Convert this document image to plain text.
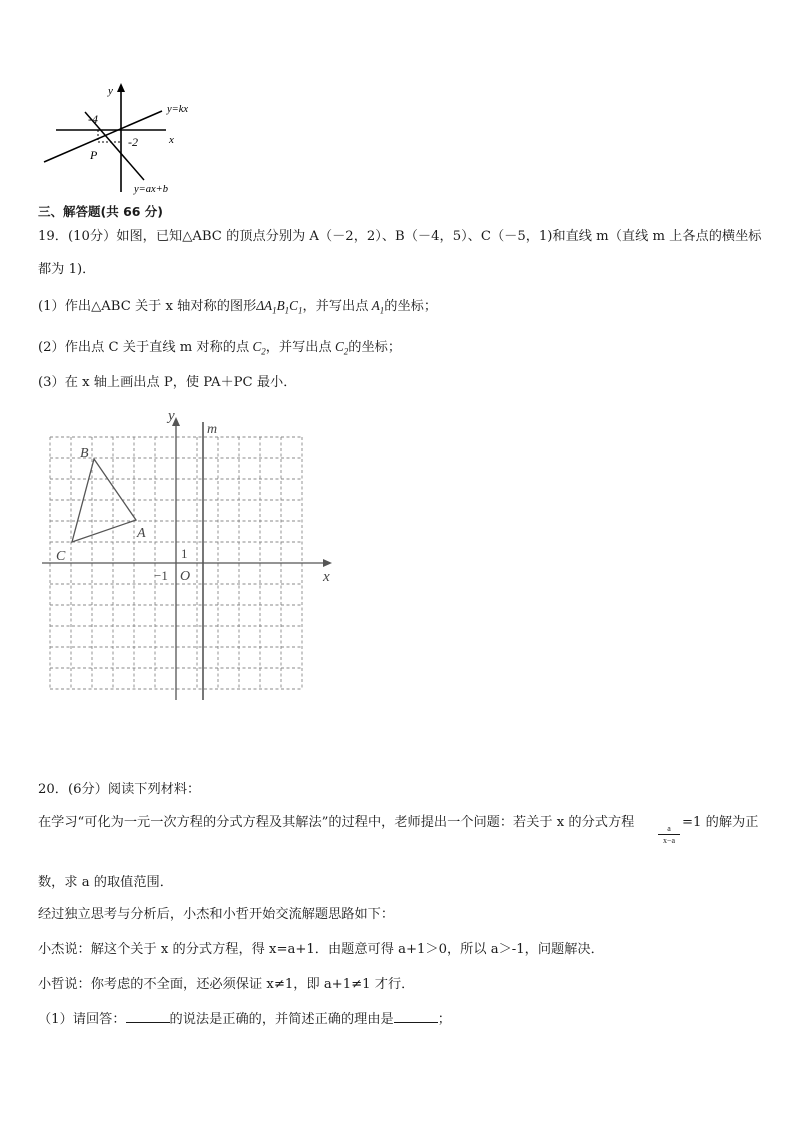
y
x
y=kx
y=ax+b
-4
-2
P
三、解答题(共 66 分)
19．(10分）如图，已知△ABC 的顶点分别为 A（－2，2）、B（－4，5）、C（－5，1)和直线 m（直线 m 上各点的横坐标
都为 1)．
(1）作出△ABC 关于 x 轴对称的图形$\Delta A_1B_1C_1$，并写出点 $A_1$的坐标；
(2）作出点 C 关于直线 m 对称的点 $C_2$，并写出点 $C_2$的坐标；
(3）在 x 轴上画出点 P，使 PA＋PC 最小．
y
m
x
B
A
C
O
1
−1
20．(6分）阅读下列材料：
在学习“可化为一元一次方程的分式方程及其解法”的过程中，老师提出一个问题：若关于 x 的分式方程	a
x−a
=1 的解为正
数，求 a 的取值范围．
经过独立思考与分析后，小杰和小哲开始交流解题思路如下：
小杰说：解这个关于 x 的分式方程，得 x=a+1．由题意可得 a+1＞0，所以 a＞-1，问题解决．
小哲说：你考虑的不全面，还必须保证 x≠1，即 a+1≠1 才行．
（1）请回答：	的说法是正确的，并简述正确的理由是	；
